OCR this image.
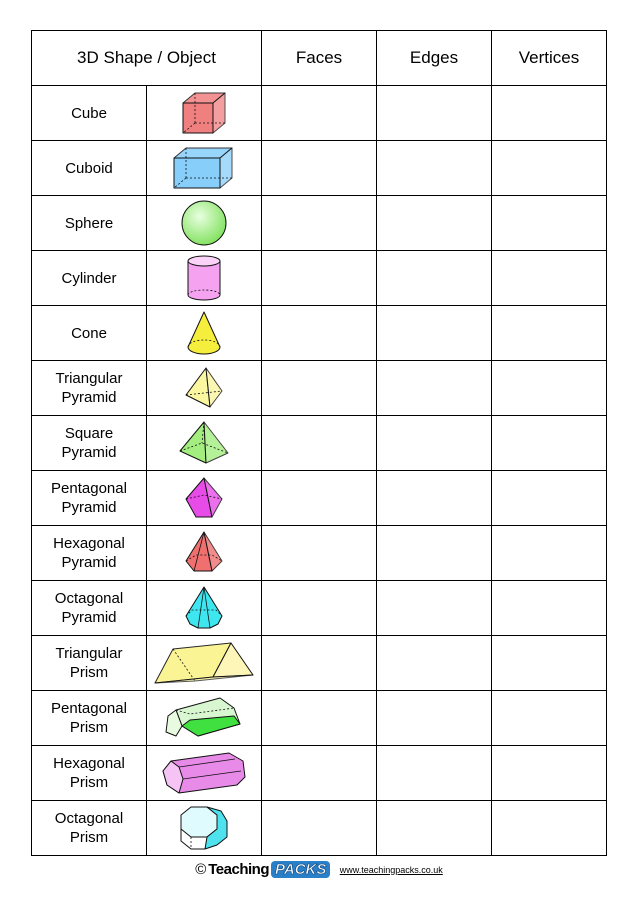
3D Shape / Object		Faces	Edges	Vertices
Cube	

Cuboid	

Sphere	

Cylinder	

Cone	

Triangular
Pyramid	

Square
Pyramid	

Pentagonal
Pyramid	

Hexagonal
Pyramid	

Octagonal
Pyramid	

Triangular
Prism	

Pentagonal
Prism	

Hexagonal
Prism	

Octagonal
Prism	

© Teaching PACKS	www.teachingpacks.co.uk
